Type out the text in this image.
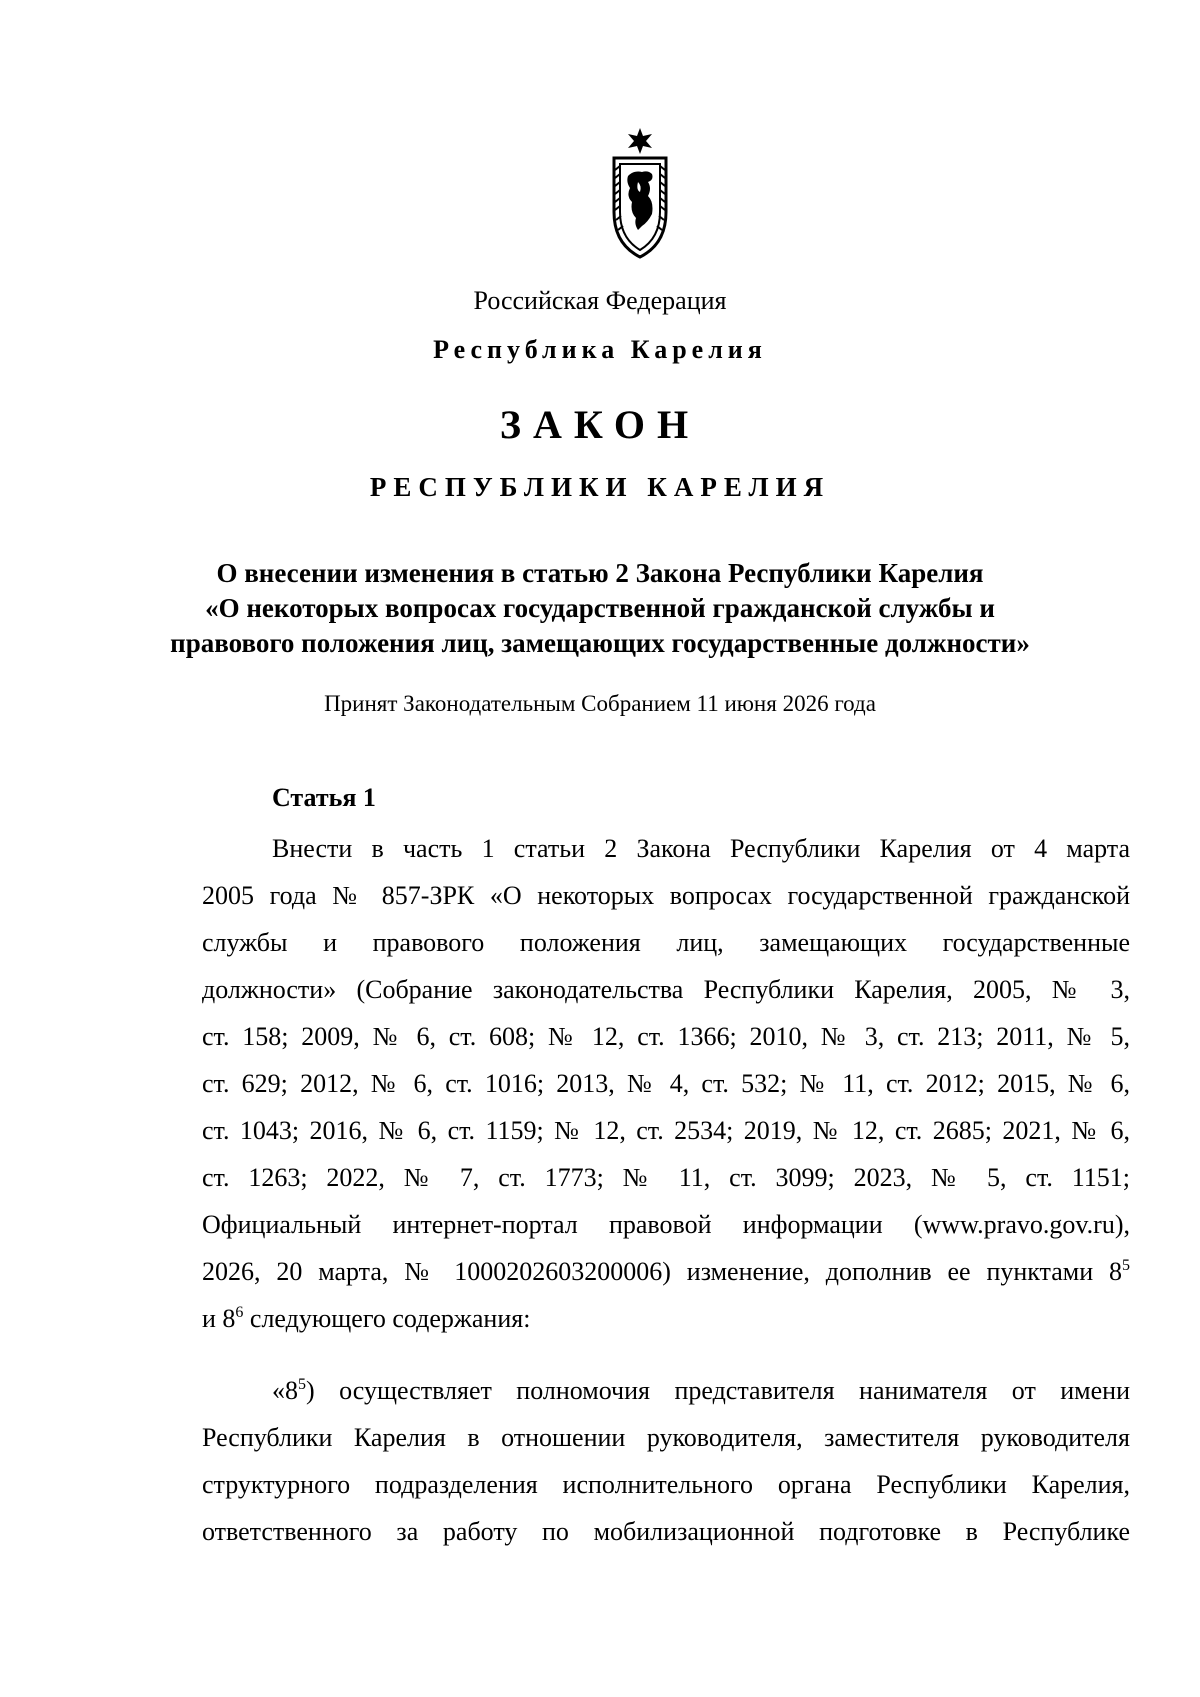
Российская Федерация
Республика Карелия
ЗАКОН
РЕСПУБЛИКИ КАРЕЛИЯ
О внесении изменения в статью 2 Закона Республики Карелия
«О некоторых вопросах государственной гражданской службы и
правового положения лиц, замещающих государственные должности»
Принят Законодательным Собранием 11 июня 2026 года
Статья 1
Внести в часть 1 статьи 2 Закона Республики Карелия от 4 марта
2005 года № 857-ЗРК «О некоторых вопросах государственной гражданской
службы и правового положения лиц, замещающих государственные
должности» (Собрание законодательства Республики Карелия, 2005, № 3,
ст. 158; 2009, № 6, ст. 608; № 12, ст. 1366; 2010, № 3, ст. 213; 2011, № 5,
ст. 629; 2012, № 6, ст. 1016; 2013, № 4, ст. 532; № 11, ст. 2012; 2015, № 6,
ст. 1043; 2016, № 6, ст. 1159; № 12, ст. 2534; 2019, № 12, ст. 2685; 2021, № 6,
ст. 1263; 2022, № 7, ст. 1773; № 11, ст. 3099; 2023, № 5, ст. 1151;
Официальный интернет-портал правовой информации (www.pravo.gov.ru),
2026, 20 марта, № 1000202603200006) изменение, дополнив ее пунктами $8^5$
и $8^6$ следующего содержания:
«$8^5$) осуществляет полномочия представителя нанимателя от имени
Республики Карелия в отношении руководителя, заместителя руководителя
структурного подразделения исполнительного органа Республики Карелия,
ответственного за работу по мобилизационной подготовке в Республике
